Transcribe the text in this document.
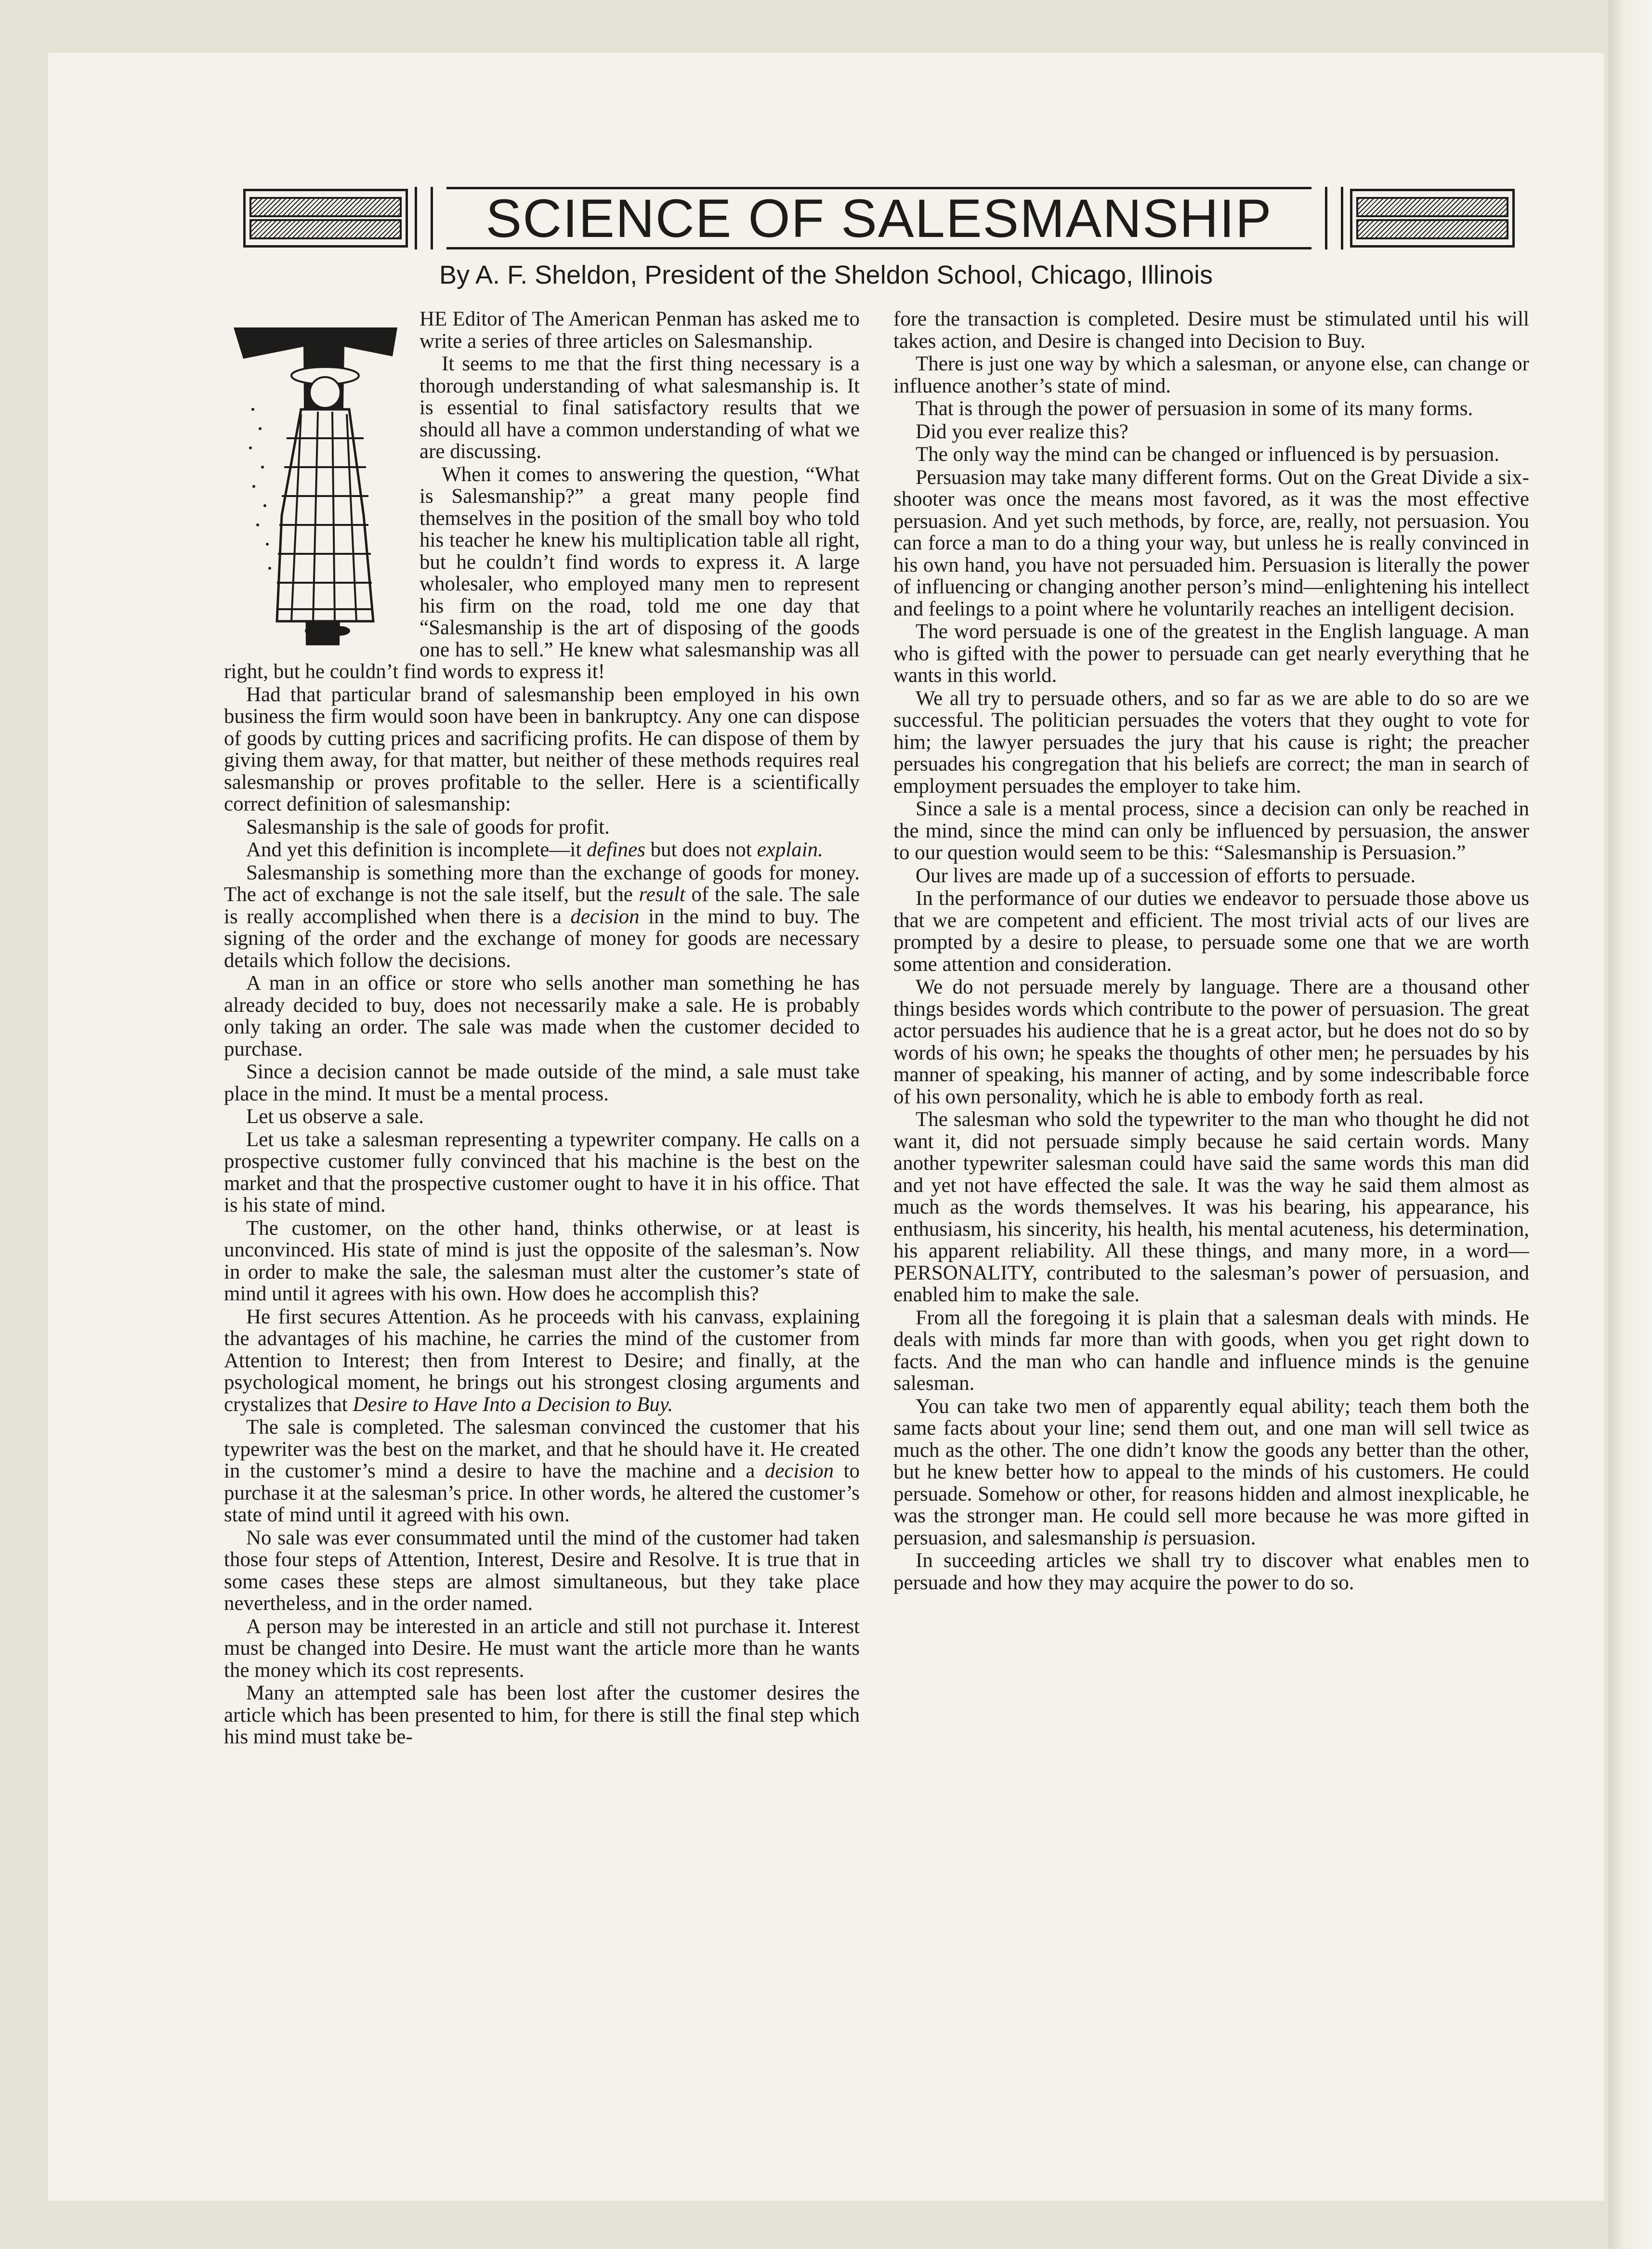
SCIENCE OF SALESMANSHIP
By A. F. Sheldon, President of the Sheldon School, Chicago, Illinois
T

HE Editor of The American Penman has asked me to write a series of three articles on Salesmanship.

It seems to me that the first thing necessary is a thorough understanding of what salesmanship is. It is essential to final satisfactory results that we should all have a common understanding of what we are discussing.

When it comes to answering the question, “What is Salesmanship?” a great many people find themselves in the position of the small boy who told his teacher he knew his multiplication table all right, but he couldn’t find words to express it. A large wholesaler, who employed many men to represent his firm on the road, told me one day that “Salesmanship is the art of disposing of the goods one has to sell.” He knew what salesmanship was all right, but he couldn’t find words to express it!

Had that particular brand of salesmanship been employed in his own business the firm would soon have been in bankruptcy. Any one can dispose of goods by cutting prices and sacrificing profits. He can dispose of them by giving them away, for that matter, but neither of these methods requires real salesmanship or proves profitable to the seller. Here is a scientifically correct definition of salesmanship:

Salesmanship is the sale of goods for profit.

And yet this definition is incomplete—it defines but does not explain.

Salesmanship is something more than the exchange of goods for money. The act of exchange is not the sale itself, but the result of the sale. The sale is really accomplished when there is a decision in the mind to buy. The signing of the order and the exchange of money for goods are necessary details which follow the decisions.

A man in an office or store who sells another man something he has already decided to buy, does not necessarily make a sale. He is probably only taking an order. The sale was made when the customer decided to purchase.

Since a decision cannot be made outside of the mind, a sale must take place in the mind. It must be a mental process.

Let us observe a sale.

Let us take a salesman representing a typewriter company. He calls on a prospective customer fully convinced that his machine is the best on the market and that the prospective customer ought to have it in his office. That is his state of mind.

The customer, on the other hand, thinks otherwise, or at least is unconvinced. His state of mind is just the opposite of the salesman’s. Now in order to make the sale, the salesman must alter the customer’s state of mind until it agrees with his own. How does he accomplish this?

He first secures Attention. As he proceeds with his canvass, explaining the advantages of his machine, he carries the mind of the customer from Attention to Interest; then from Interest to Desire; and finally, at the psychological moment, he brings out his strongest closing arguments and crystalizes that Desire to Have Into a Decision to Buy.

The sale is completed. The salesman convinced the customer that his typewriter was the best on the market, and that he should have it. He created in the customer’s mind a desire to have the machine and a decision to purchase it at the salesman’s price. In other words, he altered the customer’s state of mind until it agreed with his own.

No sale was ever consummated until the mind of the customer had taken those four steps of Attention, Interest, Desire and Resolve. It is true that in some cases these steps are almost simultaneous, but they take place nevertheless, and in the order named.

A person may be interested in an article and still not purchase it. Interest must be changed into Desire. He must want the article more than he wants the money which its cost represents.

Many an attempted sale has been lost after the customer desires the article which has been presented to him, for there is still the final step which his mind must take be-

fore the transaction is completed. Desire must be stimulated until his will takes action, and Desire is changed into Decision to Buy.

There is just one way by which a salesman, or anyone else, can change or influence another’s state of mind.

That is through the power of persuasion in some of its many forms.

Did you ever realize this?

The only way the mind can be changed or influenced is by persuasion.

Persuasion may take many different forms. Out on the Great Divide a six-shooter was once the means most favored, as it was the most effective persuasion. And yet such methods, by force, are, really, not persuasion. You can force a man to do a thing your way, but unless he is really convinced in his own hand, you have not persuaded him. Persuasion is literally the power of influencing or changing another person’s mind—enlightening his intellect and feelings to a point where he voluntarily reaches an intelligent decision.

The word persuade is one of the greatest in the English language. A man who is gifted with the power to persuade can get nearly everything that he wants in this world.

We all try to persuade others, and so far as we are able to do so are we successful. The politician persuades the voters that they ought to vote for him; the lawyer persuades the jury that his cause is right; the preacher persuades his congregation that his beliefs are correct; the man in search of employment persuades the employer to take him.

Since a sale is a mental process, since a decision can only be reached in the mind, since the mind can only be influenced by persuasion, the answer to our question would seem to be this: “Salesmanship is Persuasion.”

Our lives are made up of a succession of efforts to persuade.

In the performance of our duties we endeavor to persuade those above us that we are competent and efficient. The most trivial acts of our lives are prompted by a desire to please, to persuade some one that we are worth some attention and consideration.

We do not persuade merely by language. There are a thousand other things besides words which contribute to the power of persuasion. The great actor persuades his audience that he is a great actor, but he does not do so by words of his own; he speaks the thoughts of other men; he persuades by his manner of speaking, his manner of acting, and by some indescribable force of his own personality, which he is able to embody forth as real.

The salesman who sold the typewriter to the man who thought he did not want it, did not persuade simply because he said certain words. Many another typewriter salesman could have said the same words this man did and yet not have effected the sale. It was the way he said them almost as much as the words themselves. It was his bearing, his appearance, his enthusiasm, his sincerity, his health, his mental acuteness, his determination, his apparent reliability. All these things, and many more, in a word—PERSONALITY, contributed to the salesman’s power of persuasion, and enabled him to make the sale.

From all the foregoing it is plain that a salesman deals with minds. He deals with minds far more than with goods, when you get right down to facts. And the man who can handle and influence minds is the genuine salesman.

You can take two men of apparently equal ability; teach them both the same facts about your line; send them out, and one man will sell twice as much as the other. The one didn’t know the goods any better than the other, but he knew better how to appeal to the minds of his customers. He could persuade. Somehow or other, for reasons hidden and almost inexplicable, he was the stronger man. He could sell more because he was more gifted in persuasion, and salesmanship is persuasion.

In succeeding articles we shall try to discover what enables men to persuade and how they may acquire the power to do so.
